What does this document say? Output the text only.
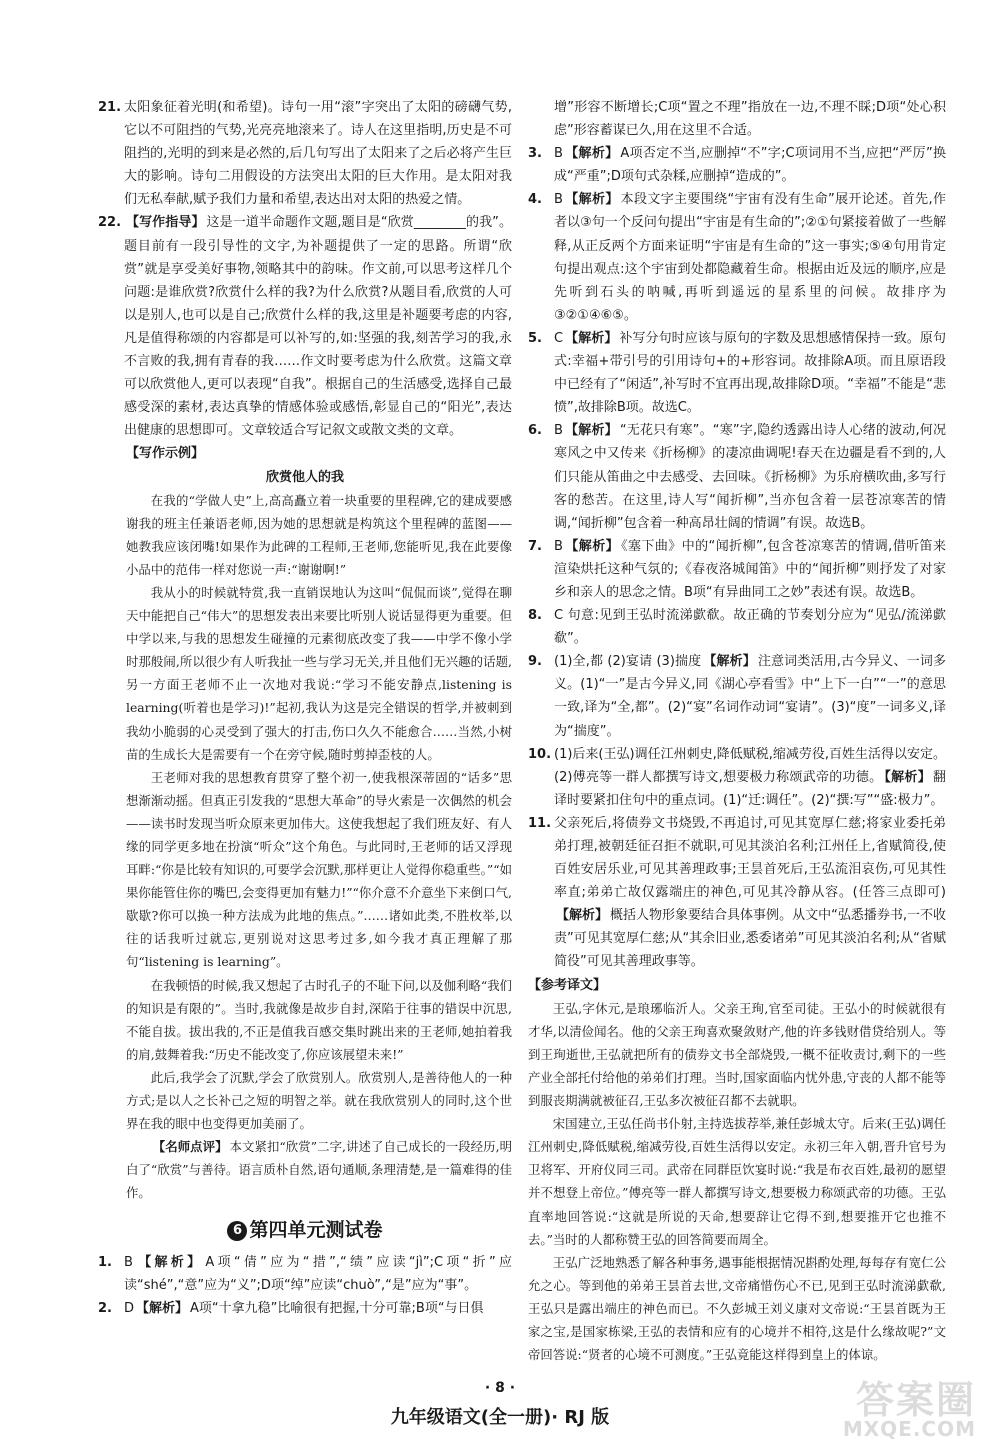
21. 太阳象征着光明(和希望)。诗句一用“滚”字突出了太阳的磅礴气势,它以不可阻挡的气势,光亮亮地滚来了。诗人在这里指明,历史是不可阻挡的,光明的到来是必然的,后几句写出了太阳来了之后必将产生巨大的影响。诗句二用假设的方法突出太阳的巨大作用。是太阳对我们无私奉献,赋予我们力量和希望,表达出对太阳的热爱之情。
22. 【写作指导】 这是一道半命题作文题,题目是“欣赏________的我”。题目前有一段引导性的文字,为补题提供了一定的思路。所谓“欣赏”就是享受美好事物,领略其中的韵味。作文前,可以思考这样几个问题:是谁欣赏?欣赏什么样的我?为什么欣赏?从题目看,欣赏的人可以是别人,也可以是自己;欣赏什么样的我,这里是补题要考虑的内容,凡是值得称颂的内容都是可以补写的,如:坚强的我,刻苦学习的我,永不言败的我,拥有青春的我……作文时要考虑为什么欣赏。这篇文章可以欣赏他人,更可以表现“自我”。根据自己的生活感受,选择自己最感受深的素材,表达真挚的情感体验或感悟,彰显自己的“阳光”,表达出健康的思想即可。文章较适合写记叙文或散文类的文章。
【写作示例】
欣赏他人的我

在我的“学做人史”上,高高矗立着一块重要的里程碑,它的建成要感谢我的班主任兼语老师,因为她的思想就是构筑这个里程碑的蓝图——她教我应该闭嘴!如果作为此碑的工程师,王老师,您能听见,我在此要像小品中的范伟一样对您说一声:“谢谢啊!”

我从小的时候就特赏,我一直销误地认为这叫“侃侃而谈”,觉得在聊天中能把自己“伟大”的思想发表出来要比听别人说话显得更为重要。但中学以来,与我的思想发生碰撞的元素彻底改变了我——中学不像小学时那般闹,所以很少有人听我扯一些与学习无关,并且他们无兴趣的话题,另一方面王老师不止一次地对我说:“学习不能安静点,listening is learning(听着也是学习)!”起初,我认为这是完全错误的哲学,并被刺到我幼小脆弱的心灵受到了强大的打击,伤口久久不能愈合……当然,小树苗的生成长大是需要有一个在旁守候,随时剪掉歪枝的人。

王老师对我的思想教育贯穿了整个初一,使我根深蒂固的“话多”思想渐渐动摇。但真正引发我的“思想大革命”的导火索是一次偶然的机会——读书时发现当听众原来更加伟大。这使我想起了我们班友好、有人缘的同学更多地在扮演“听众”这个角色。与此同时,王老师的话又浮现耳畔:“你是比较有知识的,可要学会沉默,那样更让人觉得你稳重些。”“如果你能管住你的嘴巴,会变得更加有魅力!”“你介意不介意坐下来倒口气,歇歇?你可以换一种方法成为此地的焦点。”……诸如此类,不胜枚举,以往的话我听过就忘,更别说对这思考过多,如今我才真正理解了那句“listening is learning”。

在我顿悟的时候,我又想起了古时孔子的不耻下问,以及伽利略“我们的知识是有限的”。当时,我就像是故步自封,深陷于往事的错误中沉思,不能自拔。拔出我的,不正是值我百感交集时跳出来的王老师,她拍着我的肩,鼓舞着我:“历史不能改变了,你应该展望未来!”

此后,我学会了沉默,学会了欣赏别人。欣赏别人,是善待他人的一种方式;是以人之长补己之短的明智之举。就在我欣赏别人的同时,这个世界在我的眼中也变得更加美丽了。

【名师点评】 本文紧扣“欣赏”二字,讲述了自己成长的一段经历,明白了“欣赏”与善待。语言质朴自然,语句通顺,条理清楚,是一篇难得的佳作。

6 第四单元测试卷
1. B 【解析】 A项“倩”应为“措”,“绩”应读“jì”;C项“折”应读“shé”,“意”应为“义”;D项“绰”应读“chuò”,“是”应为“事”。
2. D 【解析】 A项“十拿九稳”比喻很有把握,十分可靠;B项“与日俱
增”形容不断增长;C项“置之不理”指放在一边,不理不睬;D项“处心积虑”形容蓄谋已久,用在这里不合适。
3. B 【解析】 A项否定不当,应删掉“不”字;C项词用不当,应把“严厉”换成“严重”;D项句式杂糅,应删掉“造成的”。
4. B 【解析】 本段文字主要围绕“宇宙有没有生命”展开论述。首先,作者以③句一个反问句提出“宇宙是有生命的”;②①句紧接着做了一些解释,从正反两个方面来证明“宇宙是有生命的”这一事实;⑤④句用肯定句提出观点:这个宇宙到处都隐藏着生命。根据由近及远的顺序,应是先听到石头的呐喊,再听到遥远的星系里的问候。故排序为③②①④⑥⑤。
5. C 【解析】 补写分句时应该与原句的字数及思想感情保持一致。原句式:幸福+带引号的引用诗句+的+形容词。故排除A项。而且原语段中已经有了“闲适”,补写时不宜再出现,故排除D项。“幸福”不能是“悲愤”,故排除B项。故选C。
6. B 【解析】 “无花只有寒”。“寒”字,隐约透露出诗人心绪的波动,何况寒风之中又传来《折杨柳》的凄凉曲调呢!春天在边疆是看不到的,人们只能从笛曲之中去感受、去回味。《折杨柳》为乐府横吹曲,多写行客的愁苦。在这里,诗人写“闻折柳”,当亦包含着一层苍凉寒苦的情调,“闻折柳”包含着一种高昂壮阔的情调”有误。故选B。
7. B 【解析】 《塞下曲》中的“闻折柳”,包含苍凉寒苦的情调,借听笛来渲染烘托这种气氛的;《春夜洛城闻笛》中的“闻折柳”则抒发了对家乡和亲人的思念之情。B项“有异曲同工之妙”表述有误。故选B。
8. C 句意:见到王弘时流涕歔欷。故正确的节奏划分应为“见弘/流涕歔欷”。
9. (1)全,都 (2)宴请 (3)揣度 【解析】 注意词类活用,古今异义、一词多义。(1)“一”是古今异义,同《湖心亭看雪》中“上下一白”“一”的意思一致,译为“全,都”。(2)“宴”名词作动词“宴请”。(3)“度”一词多义,译为“揣度”。
10. (1)后来(王弘)调任江州刺史,降低赋税,缩减劳役,百姓生活得以安定。(2)傅亮等一群人都撰写诗文,想要极力称颂武帝的功德。 【解析】 翻译时要紧扣住句中的重点词。(1)“迁:调任”。(2)“撰:写”“盛:极力”。
11. 父亲死后,将债券文书烧毁,不再追讨,可见其宽厚仁慈;将家业委托弟弟打理,被朝廷征召拒不就职,可见其淡泊名利;江州任上,省赋简役,使百姓安居乐业,可见其善理政事;王昙首死后,王弘流泪哀伤,可见其性率直;弟弟亡故仅露端庄的神色,可见其冷静从容。(任答三点即可)【解析】 概括人物形象要结合具体事例。从文中“弘悉播券书,一不收责”可见其宽厚仁慈;从“其余旧业,悉委诸弟”可见其淡泊名利;从“省赋简役”可见其善理政事等。
【参考译文】

王弘,字休元,是琅琊临沂人。父亲王珣,官至司徒。王弘小的时候就很有才华,以清俭闻名。他的父亲王珣喜欢聚敛财产,他的许多钱财借贷给别人。等到王珣逝世,王弘就把所有的债券文书全部烧毁,一概不征收责讨,剩下的一些产业全部托付给他的弟弟们打理。当时,国家面临内忧外患,守丧的人都不能等到服丧期满就被征召,王弘多次被征召都不去就职。

宋国建立,王弘任尚书仆射,主持选拔荐举,兼任彭城太守。后来(王弘)调任江州刺史,降低赋税,缩减劳役,百姓生活得以安定。永初三年入朝,晋升官号为卫将军、开府仪同三司。武帝在同群臣饮宴时说:“我是布衣百姓,最初的愿望并不想登上帝位。”傅亮等一群人都撰写诗文,想要极力称颂武帝的功德。王弘直率地回答说:“这就是所说的天命,想要辞让它得不到,想要推开它也推不去。”当时的人都称赞王弘的回答简要而周全。

王弘广泛地熟悉了解各种事务,遇事能根据情况斟酌处理,每每存有宽仁公允之心。等到他的弟弟王昙首去世,文帝痛惜伤心不已,见到王弘时流涕歔欷,王弘只是露出端庄的神色而已。不久彭城王刘义康对文帝说:“王昙首既为王家之宝,是国家栋梁,王弘的表情和应有的心境并不相符,这是什么缘故呢?”文帝回答说:“贤者的心境不可测度。”王弘竟能这样得到皇上的体谅。

· 8 ·
九年级语文(全一册)· RJ 版	答案圈
MXQE.COM
